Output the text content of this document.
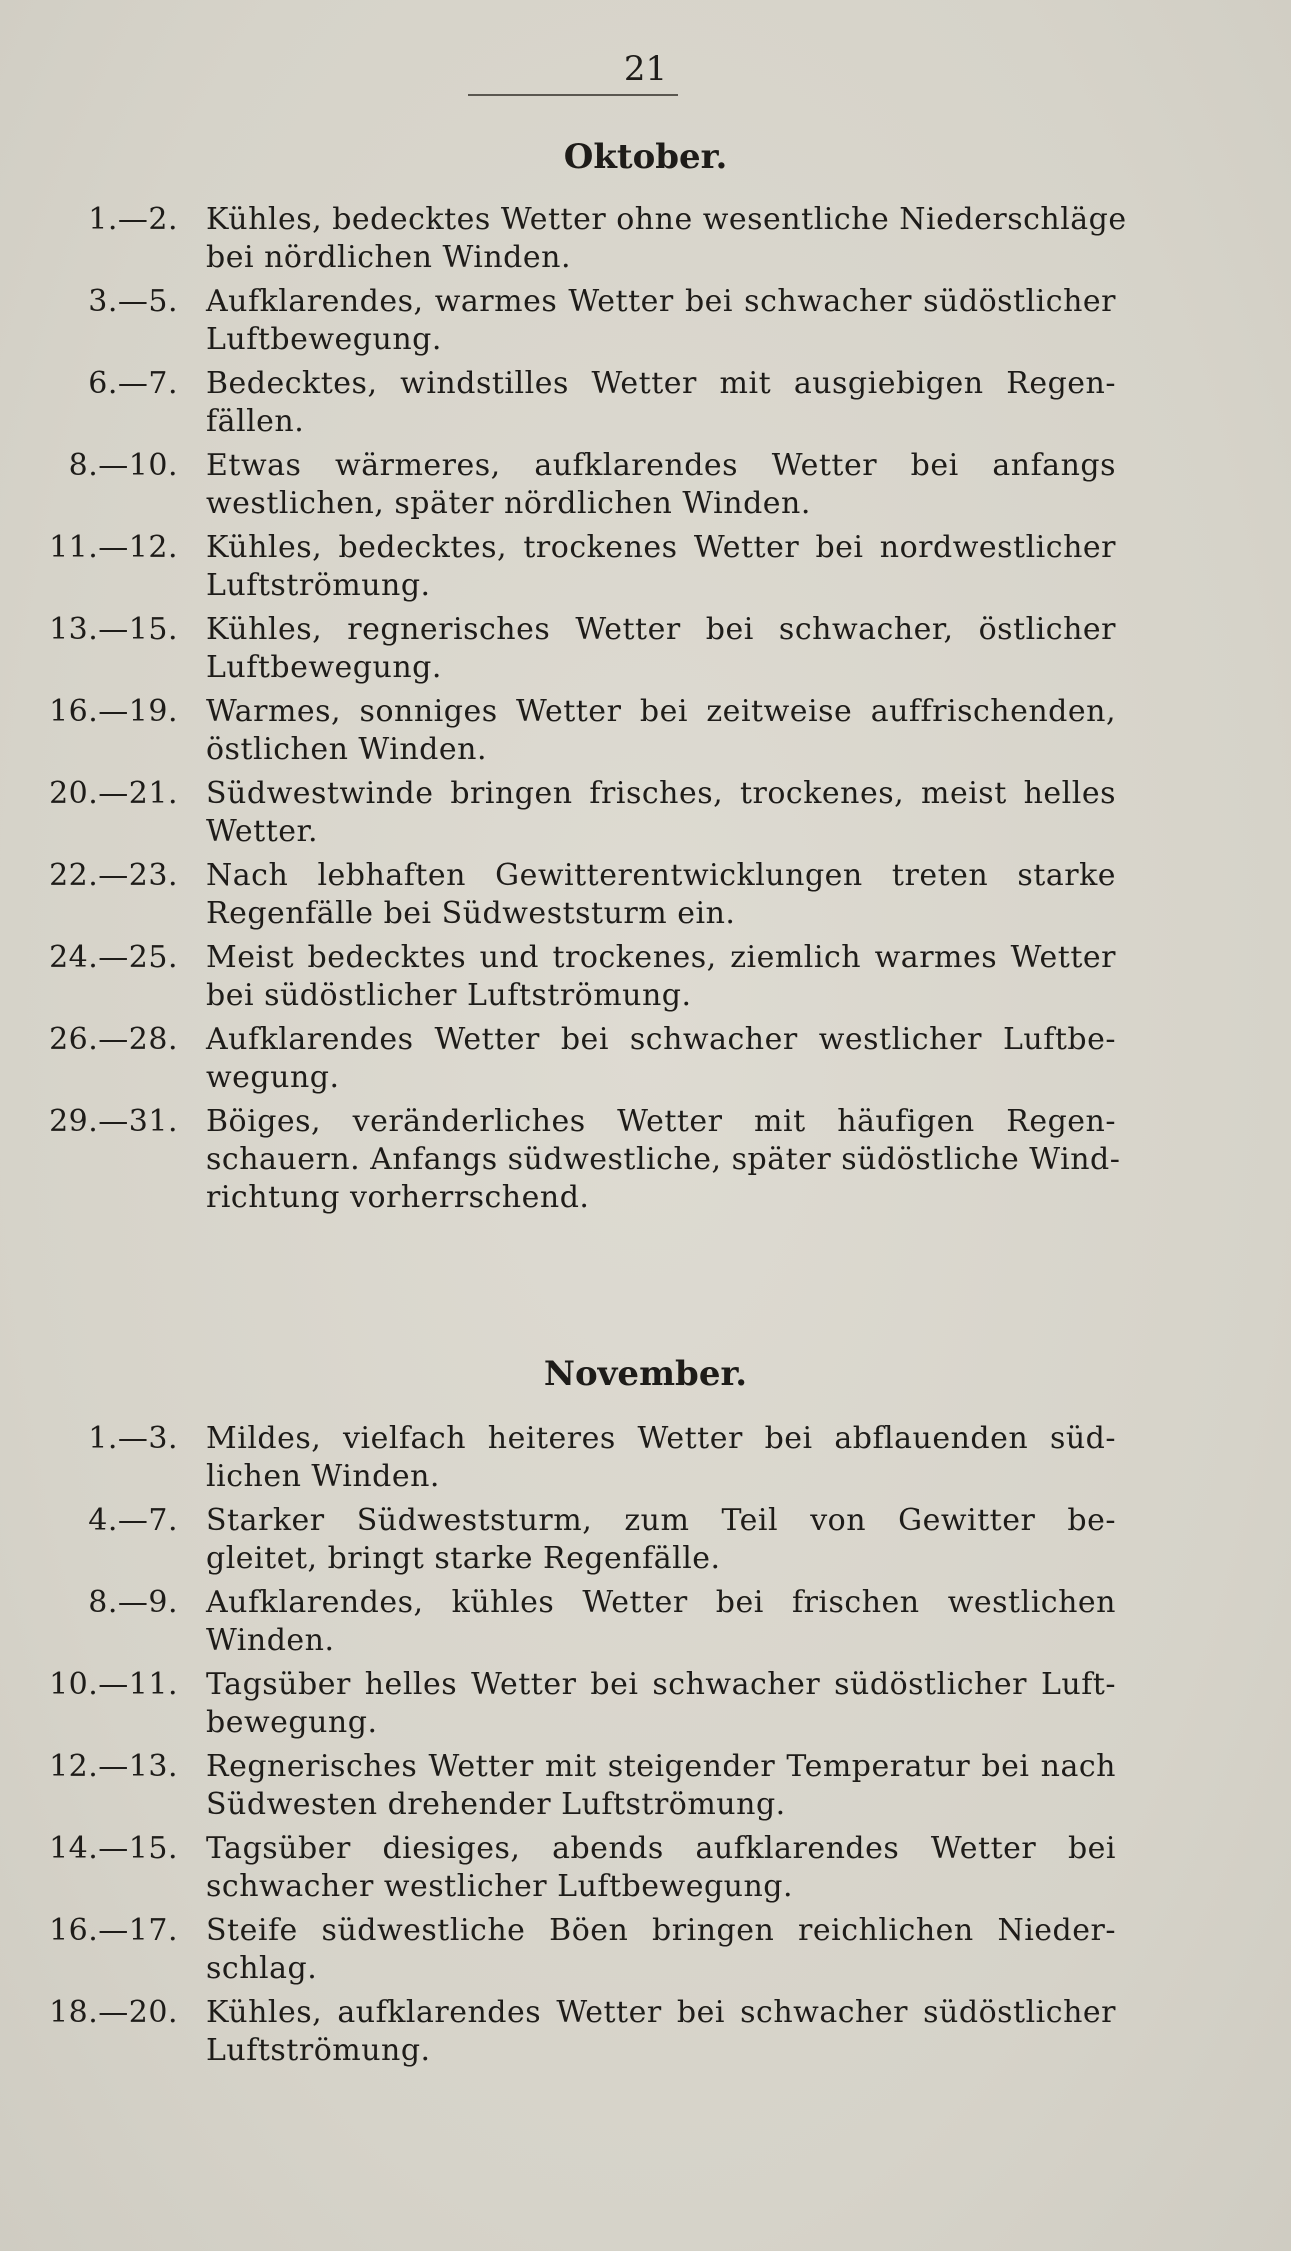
21
Oktober.
1.—2. Kühles, bedecktes Wetter ohne wesentliche Niederschläge
bei nördlichen Winden.
3.—5. Aufklarendes, warmes Wetter bei schwacher südöstlicher
Luftbewegung.
6.—7. Bedecktes, windstilles Wetter mit ausgiebigen Regen-
fällen.
8.—10. Etwas wärmeres, aufklarendes Wetter bei anfangs
westlichen, später nördlichen Winden.
11.—12. Kühles, bedecktes, trockenes Wetter bei nordwestlicher
Luftströmung.
13.—15. Kühles, regnerisches Wetter bei schwacher, östlicher
Luftbewegung.
16.—19. Warmes, sonniges Wetter bei zeitweise auffrischenden,
östlichen Winden.
20.—21. Südwestwinde bringen frisches, trockenes, meist helles
Wetter.
22.—23. Nach lebhaften Gewitterentwicklungen treten starke
Regenfälle bei Südweststurm ein.
24.—25. Meist bedecktes und trockenes, ziemlich warmes Wetter
bei südöstlicher Luftströmung.
26.—28. Aufklarendes Wetter bei schwacher westlicher Luftbe-
wegung.
29.—31. Böiges, veränderliches Wetter mit häufigen Regen-
schauern. Anfangs südwestliche, später südöstliche Wind-
richtung vorherrschend.
November.
1.—3. Mildes, vielfach heiteres Wetter bei abflauenden süd-
lichen Winden.
4.—7. Starker Südweststurm, zum Teil von Gewitter be-
gleitet, bringt starke Regenfälle.
8.—9. Aufklarendes, kühles Wetter bei frischen westlichen
Winden.
10.—11. Tagsüber helles Wetter bei schwacher südöstlicher Luft-
bewegung.
12.—13. Regnerisches Wetter mit steigender Temperatur bei nach
Südwesten drehender Luftströmung.
14.—15. Tagsüber diesiges, abends aufklarendes Wetter bei
schwacher westlicher Luftbewegung.
16.—17. Steife südwestliche Böen bringen reichlichen Nieder-
schlag.
18.—20. Kühles, aufklarendes Wetter bei schwacher südöstlicher
Luftströmung.
